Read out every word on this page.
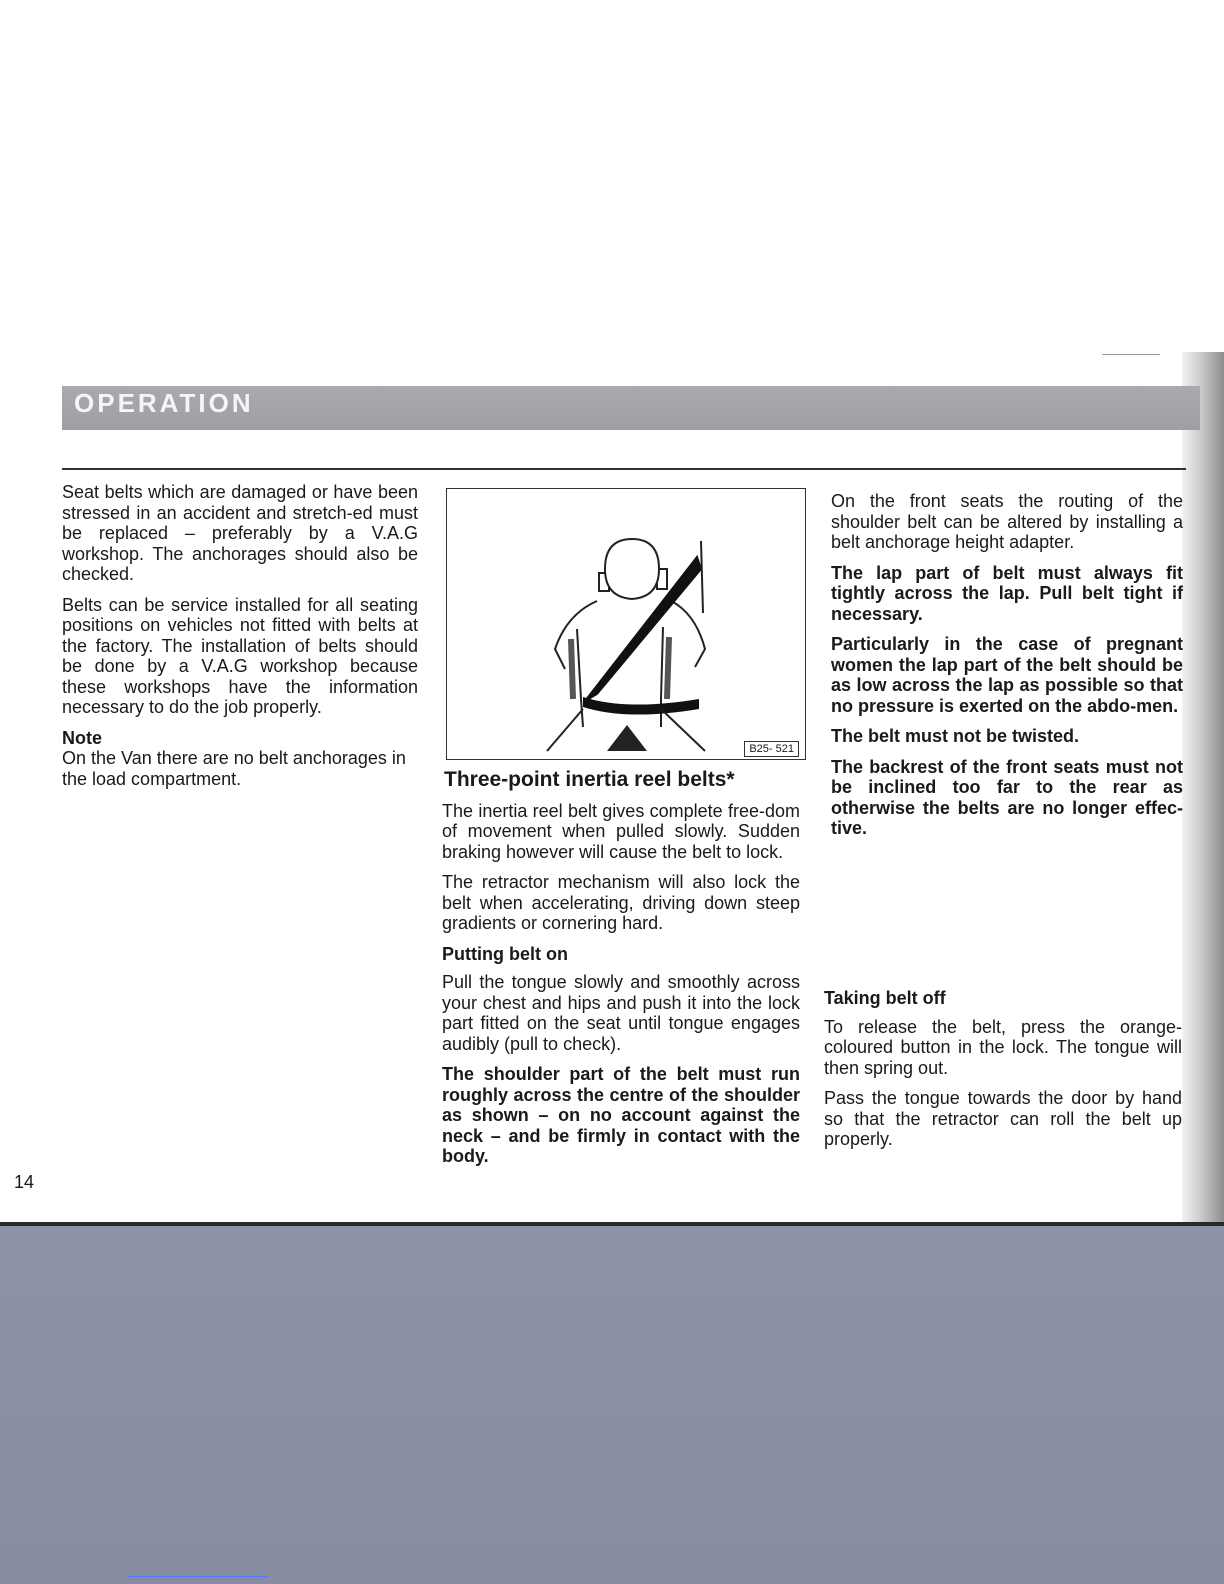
OPERATION

Seat belts which are damaged or have been stressed in an accident and stretch-ed must be replaced – preferably by a V.A.G workshop. The anchorages should also be checked.

Belts can be service installed for all seating positions on vehicles not fitted with belts at the factory. The installation of belts should be done by a V.A.G workshop because these workshops have the information necessary to do the job properly.

Note

On the Van there are no belt anchorages in the load compartment.

B25- 521
Three-point inertia reel belts*

The inertia reel belt gives complete free-dom of movement when pulled slowly. Sudden braking however will cause the belt to lock.

The retractor mechanism will also lock the belt when accelerating, driving down steep gradients or cornering hard.

Putting belt on

Pull the tongue slowly and smoothly across your chest and hips and push it into the lock part fitted on the seat until tongue engages audibly (pull to check).

The shoulder part of the belt must run roughly across the centre of the shoulder as shown – on no account against the neck – and be firmly in contact with the body.

On the front seats the routing of the shoulder belt can be altered by installing a belt anchorage height adapter.

The lap part of belt must always fit tightly across the lap. Pull belt tight if necessary.

Particularly in the case of pregnant women the lap part of the belt should be as low across the lap as possible so that no pressure is exerted on the abdo-men.

The belt must not be twisted.

The backrest of the front seats must not be inclined too far to the rear as otherwise the belts are no longer effec-tive.

Taking belt off

To release the belt, press the orange-coloured button in the lock. The tongue will then spring out.

Pass the tongue towards the door by hand so that the retractor can roll the belt up properly.

14
